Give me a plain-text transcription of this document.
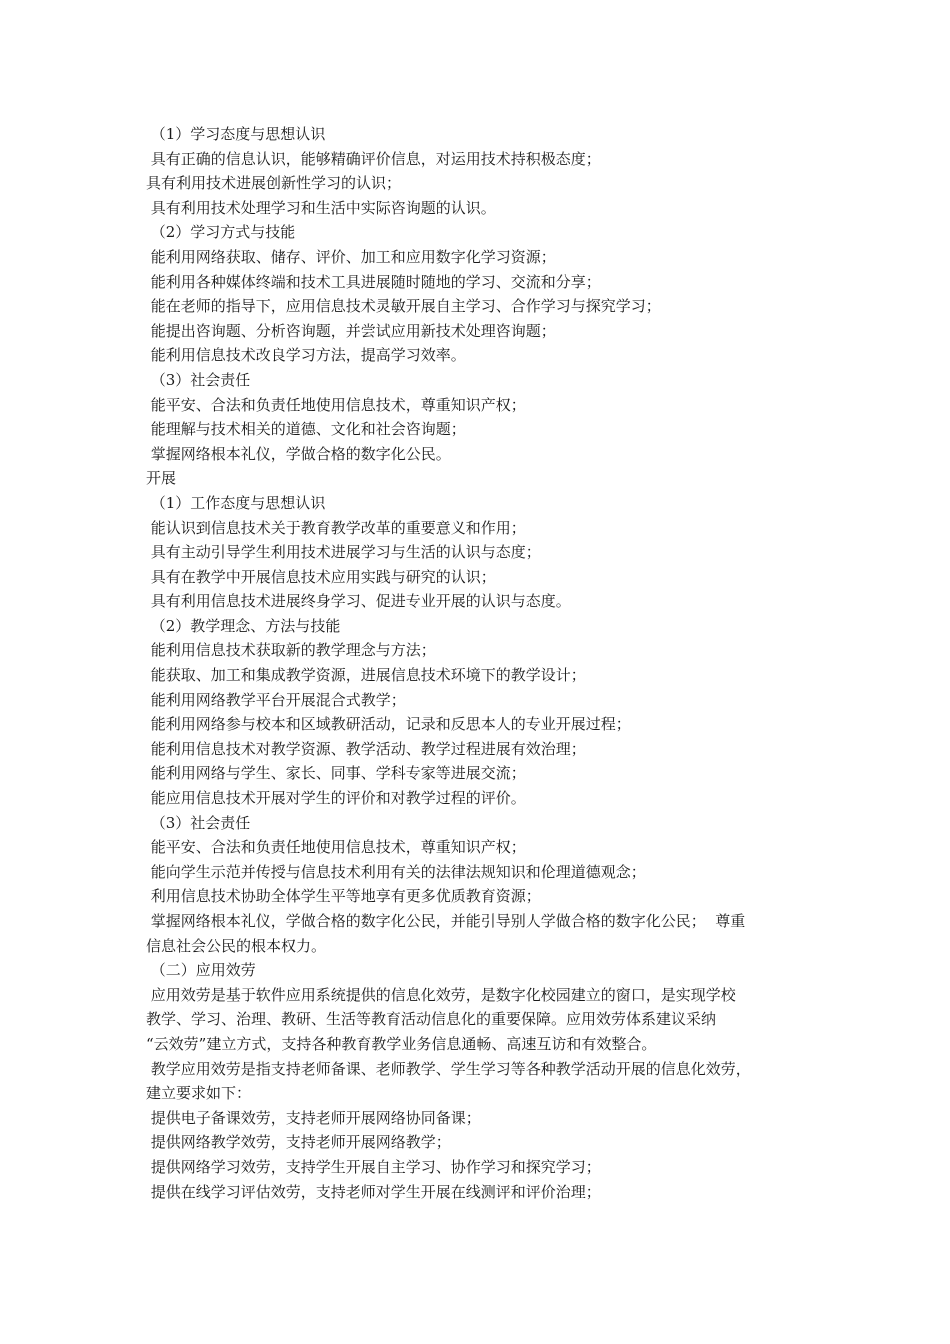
（1）学习态度与思想认识
具有正确的信息认识，能够精确评价信息，对运用技术持积极态度；
具有利用技术进展创新性学习的认识；
具有利用技术处理学习和生活中实际咨询题的认识。
（2）学习方式与技能
能利用网络获取、储存、评价、加工和应用数字化学习资源；
能利用各种媒体终端和技术工具进展随时随地的学习、交流和分享；
能在老师的指导下，应用信息技术灵敏开展自主学习、合作学习与探究学习；
能提出咨询题、分析咨询题，并尝试应用新技术处理咨询题；
能利用信息技术改良学习方法，提高学习效率。
（3）社会责任
能平安、合法和负责任地使用信息技术，尊重知识产权；
能理解与技术相关的道德、文化和社会咨询题；
掌握网络根本礼仪，学做合格的数字化公民。
开展
（1）工作态度与思想认识
能认识到信息技术关于教育教学改革的重要意义和作用；
具有主动引导学生利用技术进展学习与生活的认识与态度；
具有在教学中开展信息技术应用实践与研究的认识；
具有利用信息技术进展终身学习、促进专业开展的认识与态度。
（2）教学理念、方法与技能
能利用信息技术获取新的教学理念与方法；
能获取、加工和集成教学资源，进展信息技术环境下的教学设计；
能利用网络教学平台开展混合式教学；
能利用网络参与校本和区域教研活动，记录和反思本人的专业开展过程；
能利用信息技术对教学资源、教学活动、教学过程进展有效治理；
能利用网络与学生、家长、同事、学科专家等进展交流；
能应用信息技术开展对学生的评价和对教学过程的评价。
（3）社会责任
能平安、合法和负责任地使用信息技术，尊重知识产权；
能向学生示范并传授与信息技术利用有关的法律法规知识和伦理道德观念；
利用信息技术协助全体学生平等地享有更多优质教育资源；
掌握网络根本礼仪，学做合格的数字化公民，并能引导别人学做合格的数字化公民；  尊重
信息社会公民的根本权力。
（二）应用效劳
应用效劳是基于软件应用系统提供的信息化效劳，是数字化校园建立的窗口，是实现学校
教学、学习、治理、教研、生活等教育活动信息化的重要保障。应用效劳体系建议采纳
“云效劳”建立方式，支持各种教育教学业务信息通畅、高速互访和有效整合。
教学应用效劳是指支持老师备课、老师教学、学生学习等各种教学活动开展的信息化效劳，
建立要求如下：
提供电子备课效劳，支持老师开展网络协同备课；
提供网络教学效劳，支持老师开展网络教学；
提供网络学习效劳，支持学生开展自主学习、协作学习和探究学习；
提供在线学习评估效劳，支持老师对学生开展在线测评和评价治理；
